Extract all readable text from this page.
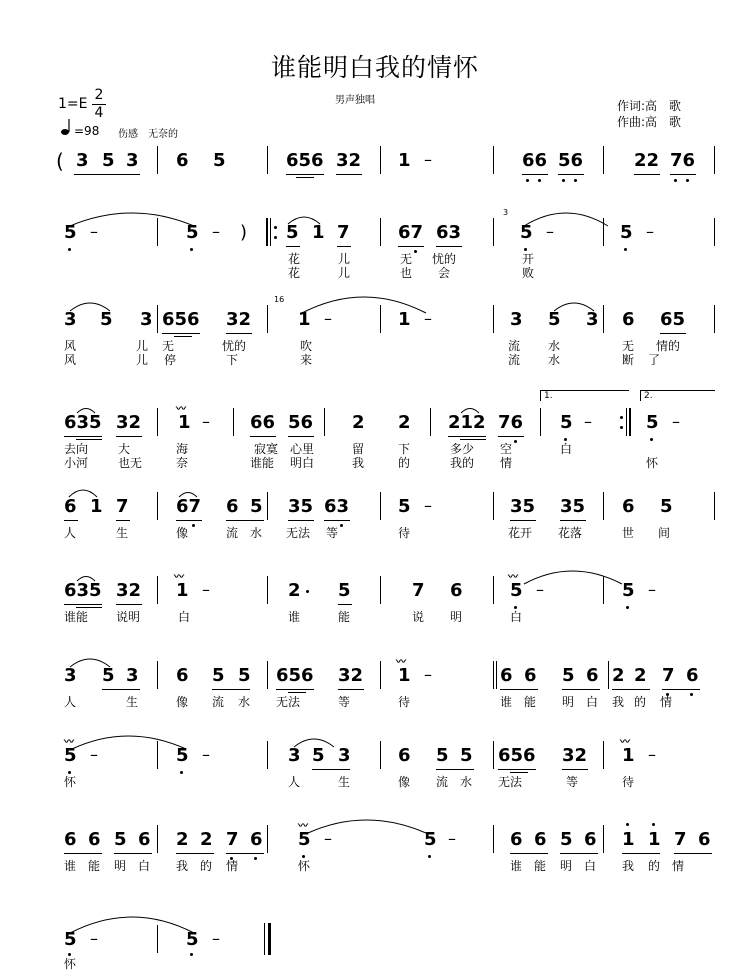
谁能明白我的情怀
1=E
2
4
=98 伤感　无奈的
男声独唱	作词:高　歌
作曲:高　歌
( 3 5 3 6 5	656 32 1 –	66 56	22 76
5 –	5 – ) 5 1 7	67 63
3
5 –	5 –
花	儿	无 忧的	开
花	儿	也 会	败
3 5 3 656 32
16
1 –	1 –	3 5 3 6 65
风	儿 无	忧的	吹	流 水	无 情的
风	儿 停	下	来	流 水	断 了
1.	2.
635 32
〰
1 – 66 56 2 2 212 76 5 –	5 –
去向 大	海	寂寞 心里	留	下	多少 空	白
小河 也无	奈	谁能 明白	我	的	我的 情	怀
6 1 7	67 6 5 35 63	5 –	35 35 6 5
人	生	像	流 水 无法 等	待	花开 花落	世 间
635 32
〰
1 –	2 5	7 6
〰
5 –	5 –
谁能 说明	白	谁	能	说 明	白
3 5 3 6 5 5 656 32
〰
1 –	6 6 5 6 2 2 7 6
人	生	像 流 水 无法	等	待	谁 能 明 白 我 的 情
〰
5 –	5 –	3 5 3	6 5 5 656 32
〰
1 –
怀	人	生	像 流 水 无法	等	待
6 6 5 6 2 2 7 6
〰
5 –	5 –	6 6 5 6 1 1 7 6
谁 能 明 白 我 的 情	怀	谁 能 明 白 我 的 情
5 –	5 –
怀
